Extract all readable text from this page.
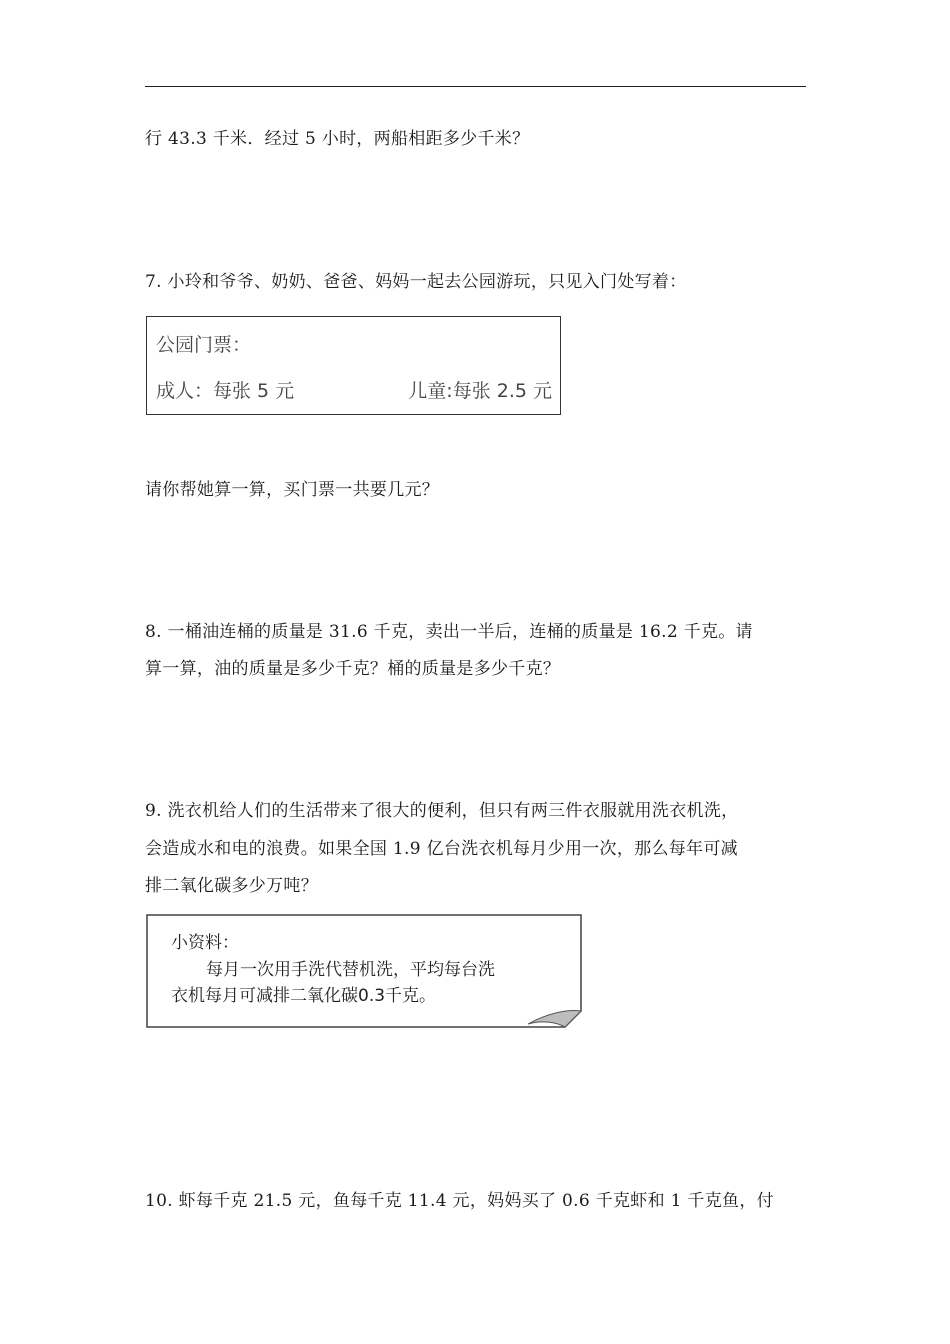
行 43.3 千米．经过 5 小时，两船相距多少千米？
7. 小玲和爷爷、奶奶、爸爸、妈妈一起去公园游玩，只见入门处写着：
公园门票：
成人：每张 5 元	儿童:每张 2.5 元
请你帮她算一算，买门票一共要几元？
8. 一桶油连桶的质量是 31.6 千克，卖出一半后，连桶的质量是 16.2 千克。请
算一算，油的质量是多少千克？桶的质量是多少千克？
9. 洗衣机给人们的生活带来了很大的便利，但只有两三件衣服就用洗衣机洗，
会造成水和电的浪费。如果全国 1.9 亿台洗衣机每月少用一次，那么每年可减
排二氧化碳多少万吨？
小资料：
每月一次用手洗代替机洗，平均每台洗
衣机每月可减排二氧化碳0.3千克。
10. 虾每千克 21.5 元，鱼每千克 11.4 元，妈妈买了 0.6 千克虾和 1 千克鱼，付
